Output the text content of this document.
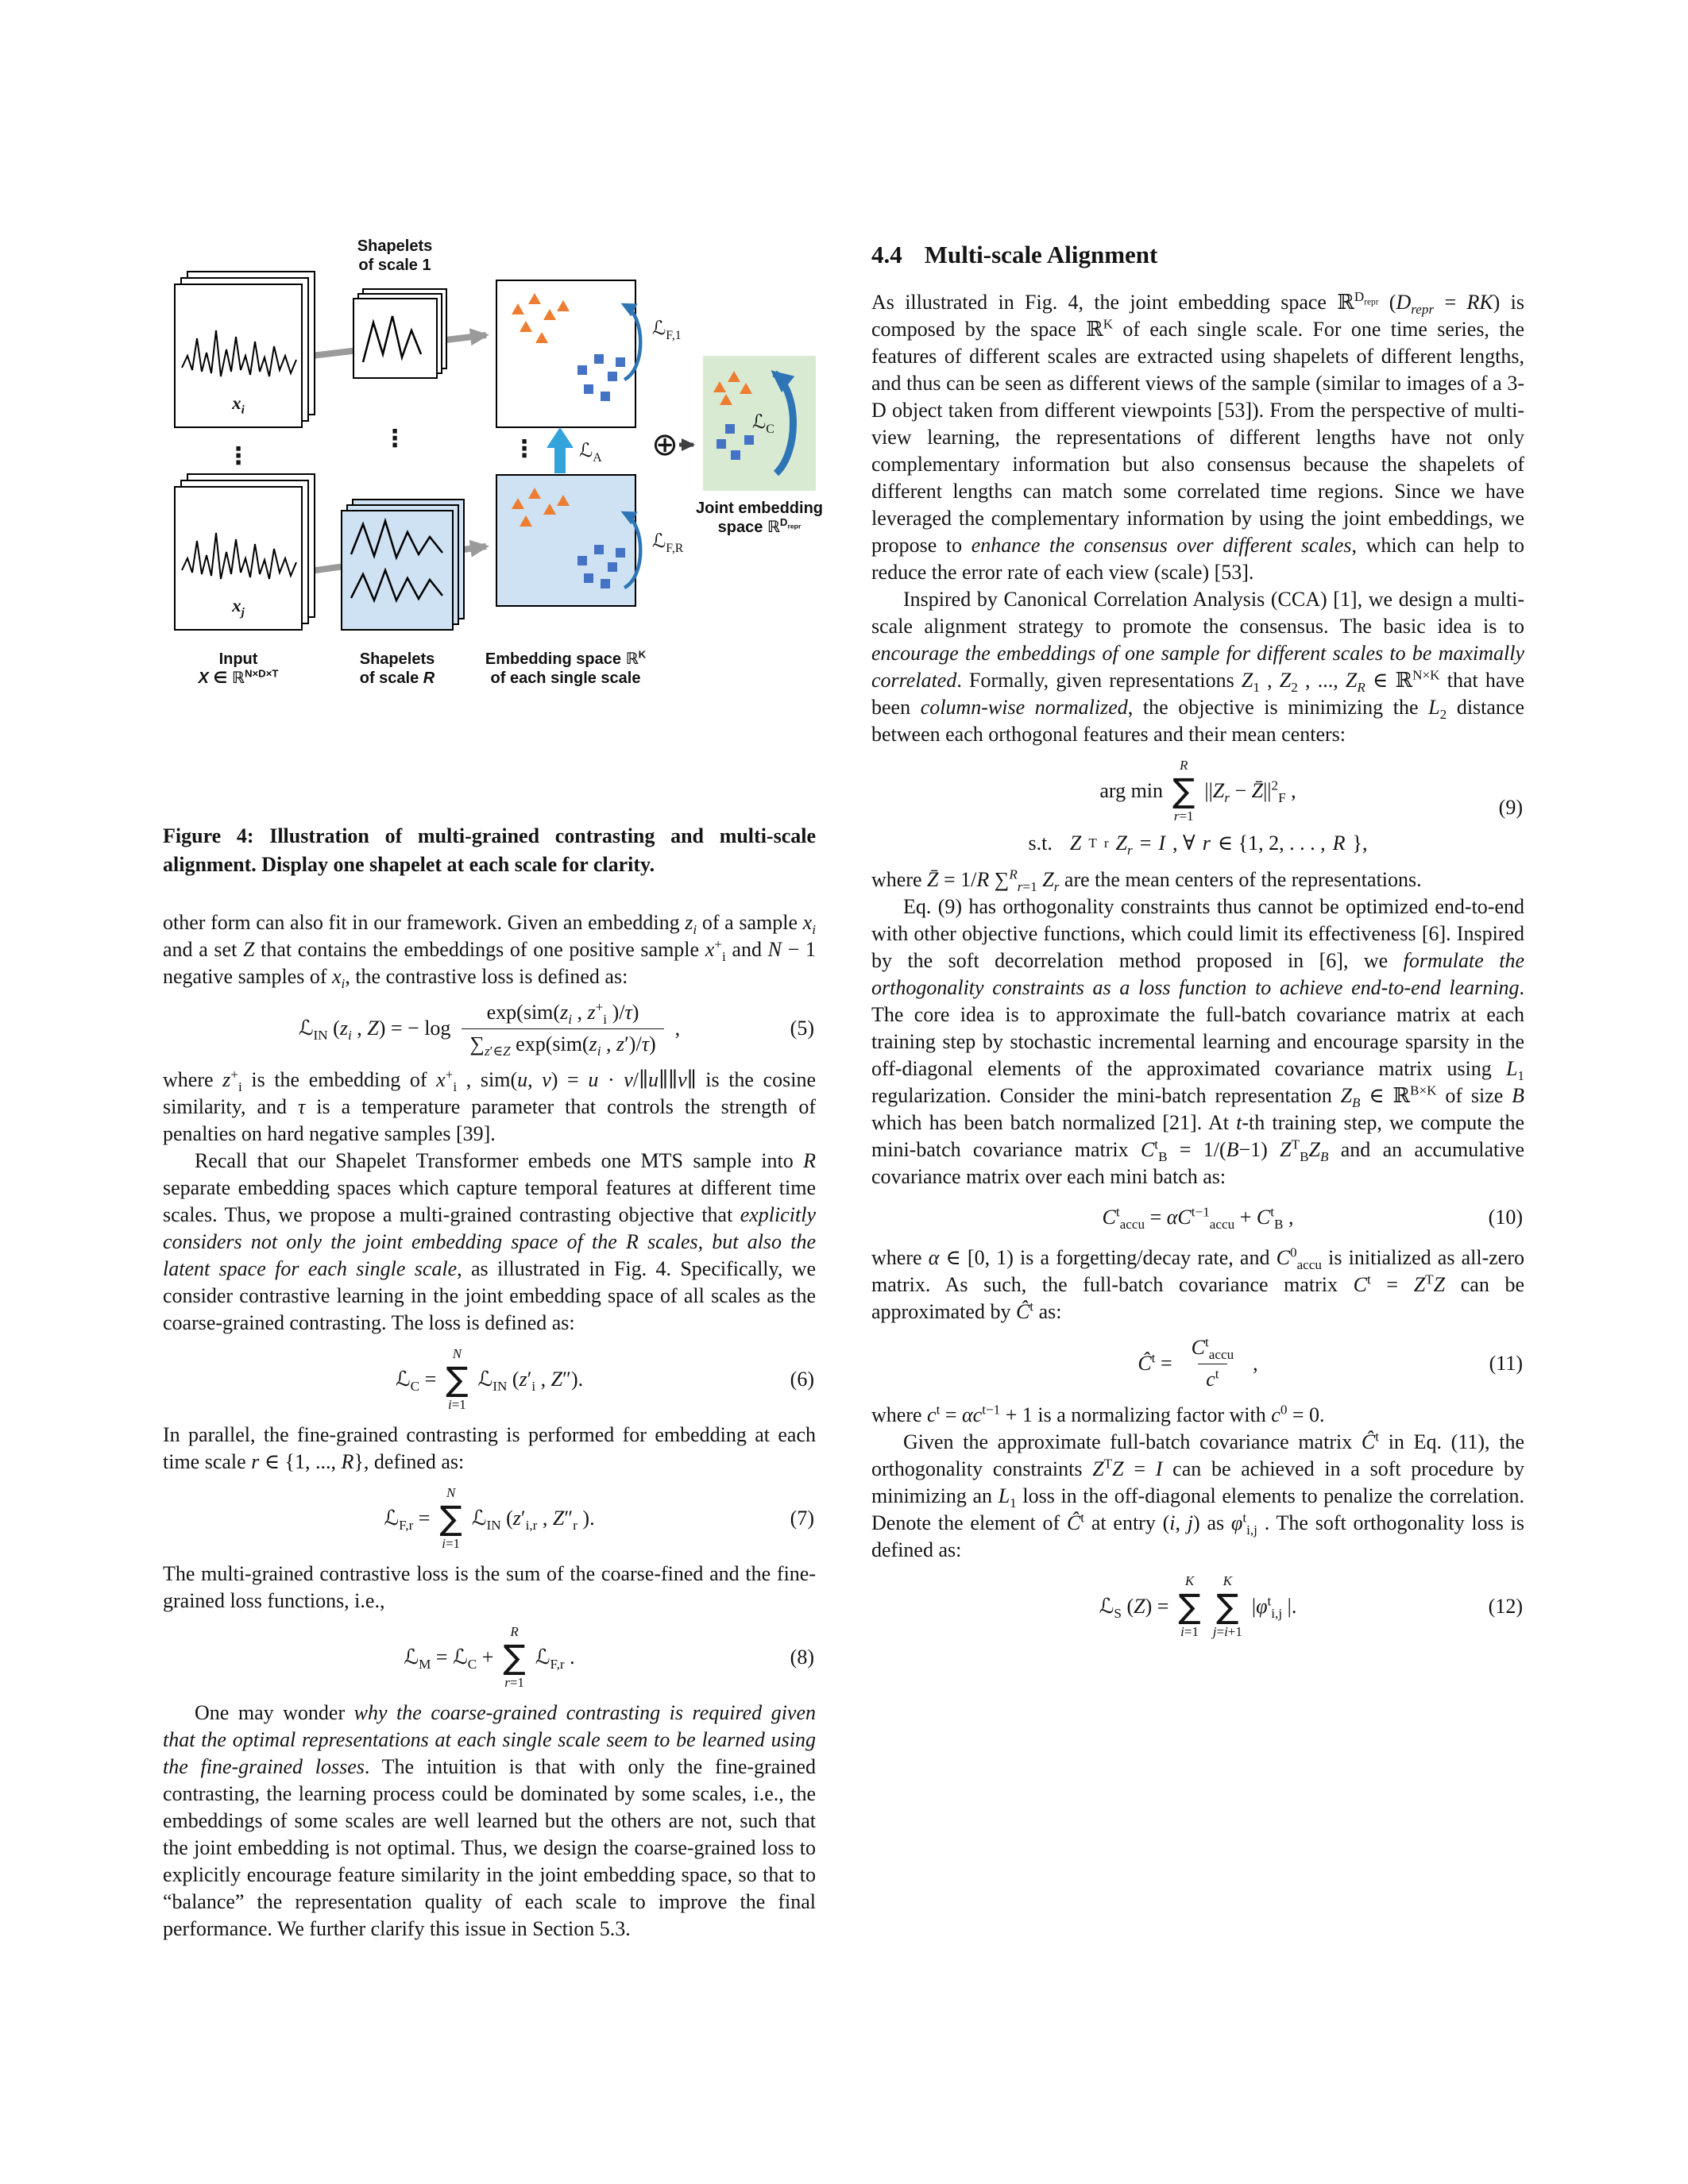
Shapelets
of scale 1
$x_i$
$x_j$
⋮
⋮	⋮
ℒ$_{F,1}$
ℒ$_{F,R}$
ℒ$_A$
ℒ$_C$
⊕
Joint embedding
space ℝ$^{D_{repr}}$
Input
X ∈ ℝ$^{N\times D\times T}$
Shapelets
of scale R
Embedding space ℝ$^K$
of each single scale
Figure 4: Illustration of multi-grained contrasting and multi-scale alignment. Display one shapelet at each scale for clarity.

other form can also fit in our framework. Given an embedding $z_i$ of a sample $x_i$ and a set Z that contains the embeddings of one positive sample $x^+_i$ and N − 1 negative samples of $x_i$, the contrastive loss is defined as:

ℒ$_{IN}$ ($z_i$ , Z) = − $\log \frac{\exp(sim(z_i , z^+_i )/\tau)}{\sum_{z'\in Z} \exp(sim(z_i , z')/\tau)}$ ,	(5)

where $z^+_i$ is the embedding of $x^+_i$ , sim(u, v) = u · v/∥u∥∥v∥ is the cosine similarity, and τ is a temperature parameter that controls the strength of penalties on hard negative samples [39].

Recall that our Shapelet Transformer embeds one MTS sample into R separate embedding spaces which capture temporal features at different time scales. Thus, we propose a multi-grained contrasting objective that explicitly considers not only the joint embedding space of the R scales, but also the latent space for each single scale, as illustrated in Fig. 4. Specifically, we consider contrastive learning in the joint embedding space of all scales as the coarse-grained contrasting. The loss is defined as:

ℒ$_C$ =
N
∑
i=1
ℒ$_{IN}$ ($z'_i$ , Z″).	(6)

In parallel, the fine-grained contrasting is performed for embedding at each time scale r ∈ {1, ..., R}, defined as:

ℒ$_{F,r}$ =
N
∑
i=1
ℒ$_{IN}$ ($z'_{i,r}$ , $Z''_r$ ).	(7)

The multi-grained contrastive loss is the sum of the coarse-fined and the fine-grained loss functions, i.e.,

ℒ$_M$ = ℒ$_C$ +
R
∑
r=1
ℒ$_{F,r}$ .	(8)

One may wonder why the coarse-grained contrasting is required given that the optimal representations at each single scale seem to be learned using the fine-grained losses. The intuition is that with only the fine-grained contrasting, the learning process could be dominated by some scales, i.e., the embeddings of some scales are well learned but the others are not, such that the joint embedding is not optimal. Thus, we design the coarse-grained loss to explicitly encourage feature similarity in the joint embedding space, so that to “balance” the representation quality of each scale to improve the final performance. We further clarify this issue in Section 5.3.

4.4 Multi-scale Alignment

As illustrated in Fig. 4, the joint embedding space ℝ$^{D_{repr}}$ $(D_{repr} = RK)$ is composed by the space ℝ$^K$ of each single scale. For one time series, the features of different scales are extracted using shapelets of different lengths, and thus can be seen as different views of the sample (similar to images of a 3-D object taken from different viewpoints [53]). From the perspective of multi-view learning, the representations of different lengths have not only complementary information but also consensus because the shapelets of different lengths can match some correlated time regions. Since we have leveraged the complementary information by using the joint embeddings, we propose to enhance the consensus over different scales, which can help to reduce the error rate of each view (scale) [53].

Inspired by Canonical Correlation Analysis (CCA) [1], we design a multi-scale alignment strategy to promote the consensus. The basic idea is to encourage the embeddings of one sample for different scales to be maximally correlated. Formally, given representations $Z_1$ , $Z_2$ , ..., $Z_R$ ∈ ℝ$^{N\times K}$ that have been column-wise normalized, the objective is minimizing the $L_2$ distance between each orthogonal features and their mean centers:

arg min
R
∑
r=1
$||Z_r$ − $Z̄||^2_F$ ,
s.t.  Z T r $Z_r = I$ , ∀ r ∈ {1, 2, . . . , R },
(9)

where Z̄ = 1/R ∑$^R_{r=1}$ $Z_r$ are the mean centers of the representations.

Eq. (9) has orthogonality constraints thus cannot be optimized end-to-end with other objective functions, which could limit its effectiveness [6]. Inspired by the soft decorrelation method proposed in [6], we formulate the orthogonality constraints as a loss function to achieve end-to-end learning. The core idea is to approximate the full-batch covariance matrix at each training step by stochastic incremental learning and encourage sparsity in the off-diagonal elements of the approximated covariance matrix using $L_1$ regularization. Consider the mini-batch representation $Z_B$ ∈ ℝ$^{B\times K}$ of size B which has been batch normalized [21]. At t-th training step, we compute the mini-batch covariance matrix $C^t_B = 1/(B-1)$ $Z^T_BZ_B$ and an accumulative covariance matrix over each mini batch as:

$C^t_{accu} = \alpha C^{t-1}_{accu} + C^t_B$ ,	(10)

where α ∈ [0, 1) is a forgetting/decay rate, and $C^0_{accu}$ is initialized as all-zero matrix. As such, the full-batch covariance matrix $C^t = Z^TZ$ can be approximated by $Ĉ^t$ as:

$Ĉ^t = \frac{C^t_{accu}}{c^t}$ ,	(11)

where $c^t = \alpha c^{t-1} + 1$ is a normalizing factor with $c^0 = 0$.

Given the approximate full-batch covariance matrix $Ĉ^t$ in Eq. (11), the orthogonality constraints $Z^TZ = I$ can be achieved in a soft procedure by minimizing an $L_1$ loss in the off-diagonal elements to penalize the correlation. Denote the element of $Ĉ^t$ at entry (i, j) as $\varphi^t_{i,j}$ . The soft orthogonality loss is defined as:

ℒ$_S$ (Z) =
K
∑
i=1
K
∑
j=i+1
$|\varphi^t_{i,j}$ |.	(12)
